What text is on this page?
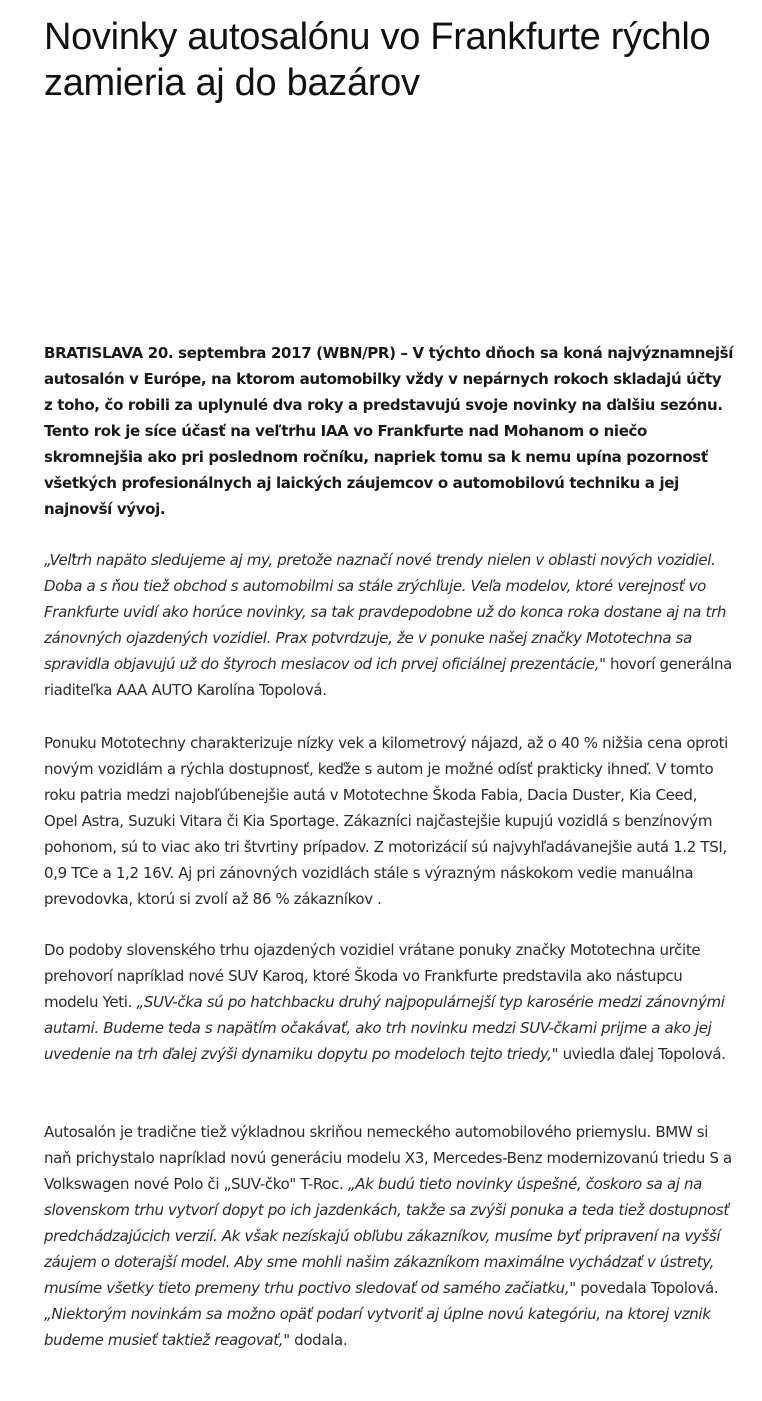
Novinky autosalónu vo Frankfurte rýchlo zamieria aj do bazárov

BRATISLAVA 20. septembra 2017 (WBN/PR) – V týchto dňoch sa koná najvýznamnejší autosalón v Európe, na ktorom automobilky vždy v nepárnych rokoch skladajú účty z toho, čo robili za uplynulé dva roky a predstavujú svoje novinky na ďalšiu sezónu. Tento rok je síce účasť na veľtrhu IAA vo Frankfurte nad Mohanom o niečo skromnejšia ako pri poslednom ročníku, napriek tomu sa k nemu upína pozornosť všetkých profesionálnych aj laických záujemcov o automobilovú techniku a jej najnovší vývoj.

„Veľtrh napäto sledujeme aj my, pretože naznačí nové trendy nielen v oblasti nových vozidiel. Doba a s ňou tiež obchod s automobilmi sa stále zrýchľuje. Veľa modelov, ktoré verejnosť vo Frankfurte uvidí ako horúce novinky, sa tak pravdepodobne už do konca roka dostane aj na trh zánovných ojazdených vozidiel. Prax potvrdzuje, že v ponuke našej značky Mototechna sa spravidla objavujú už do štyroch mesiacov od ich prvej oficiálnej prezentácie," hovorí generálna riaditeľka AAA AUTO Karolína Topolová.

Ponuku Mototechny charakterizuje nízky vek a kilometrový nájazd, až o 40 % nižšia cena oproti novým vozidlám a rýchla dostupnosť, keďže s autom je možné odísť prakticky ihneď. V tomto roku patria medzi najobľúbenejšie autá v Mototechne Škoda Fabia, Dacia Duster, Kia Ceed, Opel Astra, Suzuki Vitara či Kia Sportage. Zákazníci najčastejšie kupujú vozidlá s benzínovým pohonom, sú to viac ako tri štvrtiny prípadov. Z motorizácií sú najvyhľadávanejšie autá 1.2 TSI, 0,9 TCe a 1,2 16V. Aj pri zánovných vozidlách stále s výrazným náskokom vedie manuálna prevodovka, ktorú si zvolí až 86 % zákazníkov .

Do podoby slovenského trhu ojazdených vozidiel vrátane ponuky značky Mototechna určite prehovorí napríklad nové SUV Karoq, ktoré Škoda vo Frankfurte predstavila ako nástupcu modelu Yeti. „SUV-čka sú po hatchbacku druhý najpopulárnejší typ karosérie medzi zánovnými autami. Budeme teda s napätím očakávať, ako trh novinku medzi SUV-čkami prijme a ako jej uvedenie na trh ďalej zvýši dynamiku dopytu po modeloch tejto triedy," uviedla ďalej Topolová.

Autosalón je tradične tiež výkladnou skriňou nemeckého automobilového priemyslu. BMW si naň prichystalo napríklad novú generáciu modelu X3, Mercedes-Benz modernizovanú triedu S a Volkswagen nové Polo či „SUV-čko" T-Roc. „Ak budú tieto novinky úspešné, čoskoro sa aj na slovenskom trhu vytvorí dopyt po ich jazdenkách, takže sa zvýši ponuka a teda tiež dostupnosť predchádzajúcich verzií. Ak však nezískajú obľubu zákazníkov, musíme byť pripravení na vyšší záujem o doterajší model. Aby sme mohli našim zákazníkom maximálne vychádzať v ústrety, musíme všetky tieto premeny trhu poctivo sledovať od samého začiatku," povedala Topolová. „Niektorým novinkám sa možno opäť podarí vytvoriť aj úplne novú kategóriu, na ktorej vznik budeme musieť taktiež reagovať," dodala.
